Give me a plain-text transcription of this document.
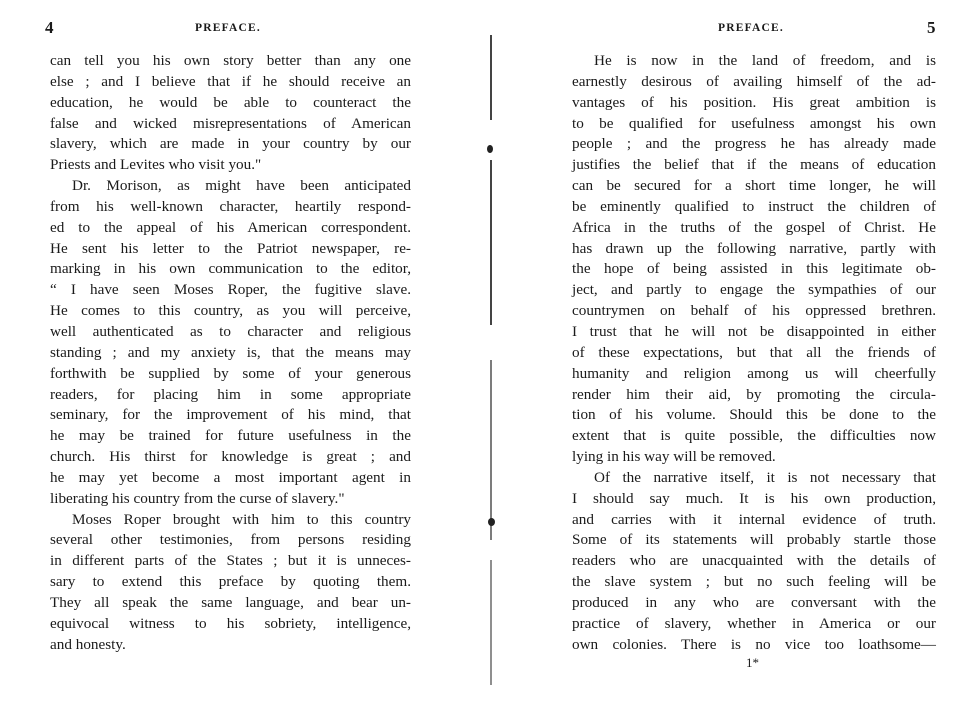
4	PREFACE.
can tell you his own story better than any one
else ; and I believe that if he should receive an
education, he would be able to counteract the
false and wicked misrepresentations of American
slavery, which are made in your country by our
Priests and Levites who visit you."
Dr. Morison, as might have been anticipated
from his well-known character, heartily respond-
ed to the appeal of his American correspondent.
He sent his letter to the Patriot newspaper, re-
marking in his own communication to the editor,
“ I have seen Moses Roper, the fugitive slave.
He comes to this country, as you will perceive,
well authenticated as to character and religious
standing ; and my anxiety is, that the means may
forthwith be supplied by some of your generous
readers, for placing him in some appropriate
seminary, for the improvement of his mind, that
he may be trained for future usefulness in the
church. His thirst for knowledge is great ; and
he may yet become a most important agent in
liberating his country from the curse of slavery."
Moses Roper brought with him to this country
several other testimonies, from persons residing
in different parts of the States ; but it is unneces-
sary to extend this preface by quoting them.
They all speak the same language, and bear un-
equivocal witness to his sobriety, intelligence,
and honesty.
PREFACE.	5
He is now in the land of freedom, and is
earnestly desirous of availing himself of the ad-
vantages of his position. His great ambition is
to be qualified for usefulness amongst his own
people ; and the progress he has already made
justifies the belief that if the means of education
can be secured for a short time longer, he will
be eminently qualified to instruct the children of
Africa in the truths of the gospel of Christ. He
has drawn up the following narrative, partly with
the hope of being assisted in this legitimate ob-
ject, and partly to engage the sympathies of our
countrymen on behalf of his oppressed brethren.
I trust that he will not be disappointed in either
of these expectations, but that all the friends of
humanity and religion among us will cheerfully
render him their aid, by promoting the circula-
tion of his volume. Should this be done to the
extent that is quite possible, the difficulties now
lying in his way will be removed.
Of the narrative itself, it is not necessary that
I should say much. It is his own production,
and carries with it internal evidence of truth.
Some of its statements will probably startle those
readers who are unacquainted with the details of
the slave system ; but no such feeling will be
produced in any who are conversant with the
practice of slavery, whether in America or our
own colonies. There is no vice too loathsome—
1*
